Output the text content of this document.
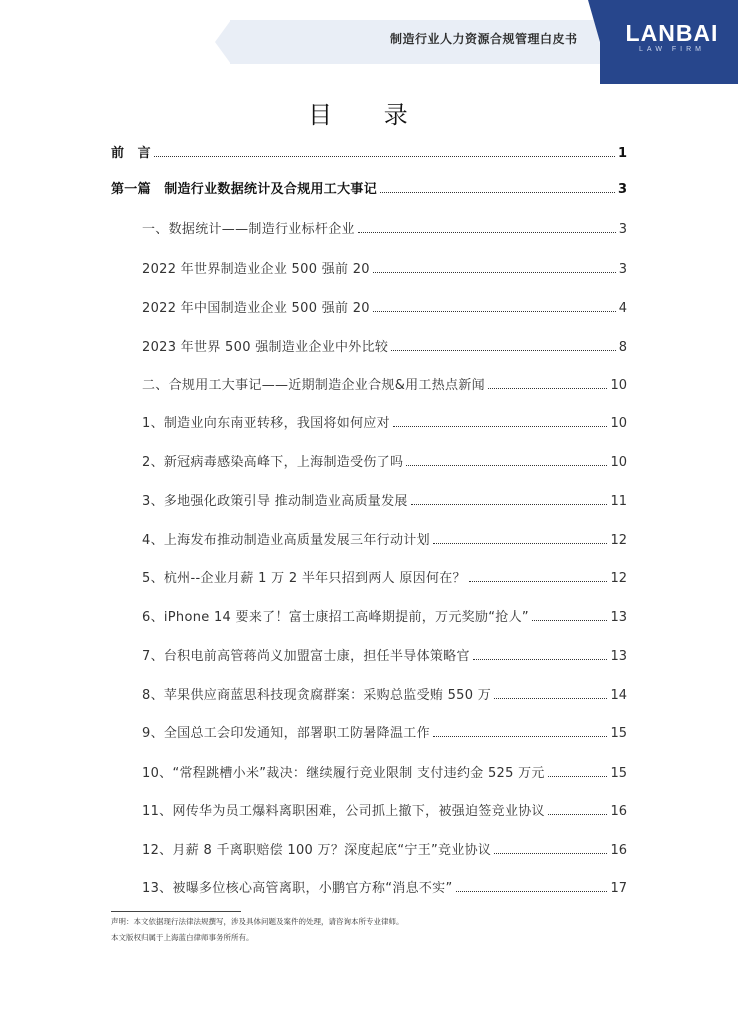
制造行业人力资源合规管理白皮书	LANBAI
LAW FIRM
目 录
前　言	1
第一篇　制造行业数据统计及合规用工大事记	3
一、数据统计——制造行业标杆企业	3
2022 年世界制造业企业 500 强前 20	3
2022 年中国制造业企业 500 强前 20	4
2023 年世界 500 强制造业企业中外比较	8
二、合规用工大事记——近期制造企业合规&用工热点新闻	10
1、制造业向东南亚转移，我国将如何应对	10
2、新冠病毒感染高峰下，上海制造受伤了吗	10
3、多地强化政策引导 推动制造业高质量发展	11
4、上海发布推动制造业高质量发展三年行动计划	12
5、杭州--企业月薪 1 万 2 半年只招到两人 原因何在？	12
6、iPhone 14 要来了！富士康招工高峰期提前，万元奖励“抢人”	13
7、台积电前高管蒋尚义加盟富士康，担任半导体策略官	13
8、苹果供应商蓝思科技现贪腐群案：采购总监受贿 550 万	14
9、全国总工会印发通知，部署职工防暑降温工作	15
10、“常程跳槽小米”裁决：继续履行竞业限制 支付违约金 525 万元	15
11、网传华为员工爆料离职困难，公司抓上撤下，被强迫签竞业协议	16
12、月薪 8 千离职赔偿 100 万？深度起底“宁王”竞业协议	16
13、被曝多位核心高管离职，小鹏官方称“消息不实”	17
声明：本文依据现行法律法规撰写，涉及具体问题及案件的处理，请咨询本所专业律师。
本文版权归属于上海蓝白律师事务所所有。
